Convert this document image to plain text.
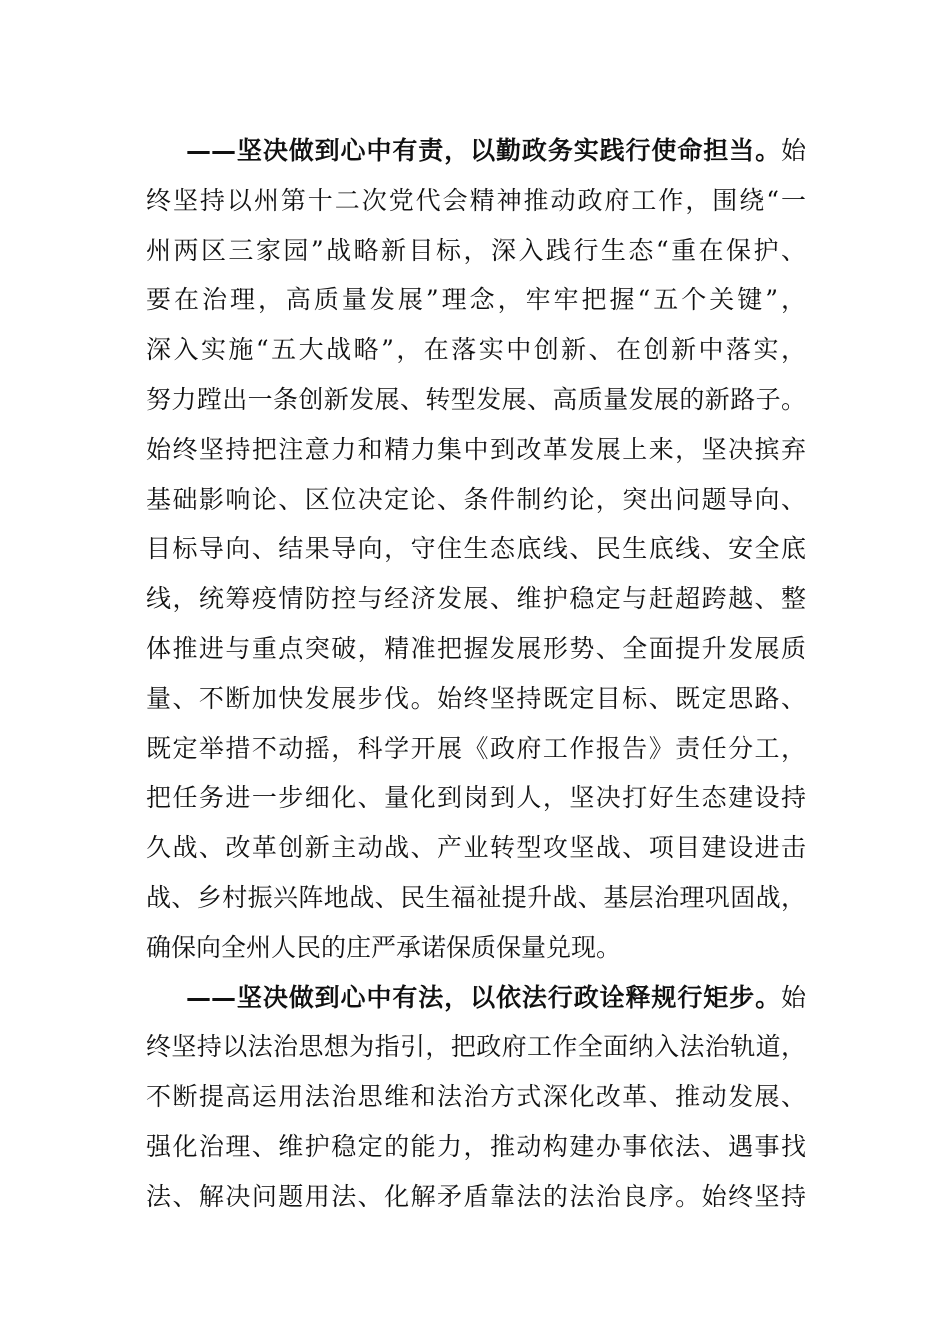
——坚决做到心中有责，以勤政务实践行使命担当。始
终坚持以州第十二次党代会精神推动政府工作，围绕“一
州两区三家园”战略新目标，深入践行生态“重在保护、
要在治理，高质量发展”理念，牢牢把握“五个关键”，
深入实施“五大战略”，在落实中创新、在创新中落实，
努力蹚出一条创新发展、转型发展、高质量发展的新路子。
始终坚持把注意力和精力集中到改革发展上来，坚决摈弃
基础影响论、区位决定论、条件制约论，突出问题导向、
目标导向、结果导向，守住生态底线、民生底线、安全底
线，统筹疫情防控与经济发展、维护稳定与赶超跨越、整
体推进与重点突破，精准把握发展形势、全面提升发展质
量、不断加快发展步伐。始终坚持既定目标、既定思路、
既定举措不动摇，科学开展《政府工作报告》责任分工，
把任务进一步细化、量化到岗到人，坚决打好生态建设持
久战、改革创新主动战、产业转型攻坚战、项目建设进击
战、乡村振兴阵地战、民生福祉提升战、基层治理巩固战，
确保向全州人民的庄严承诺保质保量兑现。
——坚决做到心中有法，以依法行政诠释规行矩步。始
终坚持以法治思想为指引，把政府工作全面纳入法治轨道，
不断提高运用法治思维和法治方式深化改革、推动发展、
强化治理、维护稳定的能力，推动构建办事依法、遇事找
法、解决问题用法、化解矛盾靠法的法治良序。始终坚持
